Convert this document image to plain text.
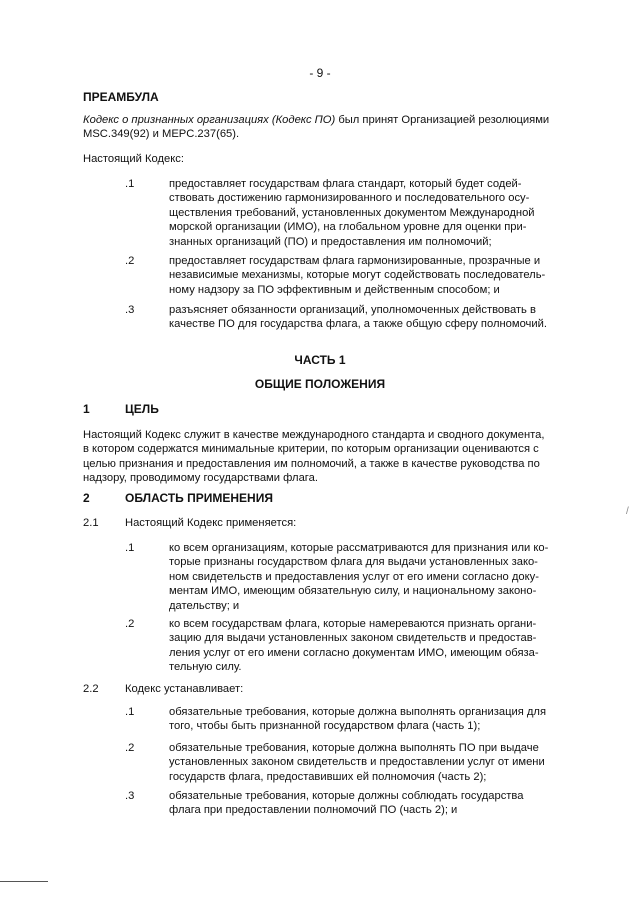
- 9 -
ПРЕАМБУЛА
Кодекс о признанных организациях (Кодекс ПО) был принят Организацией резолюциями
MSC.349(92) и MEPC.237(65).
Настоящий Кодекс:
.1	предоставляет государствам флага стандарт, который будет содей-
ствовать достижению гармонизированного и последовательного осу-
ществления требований, установленных документом Международной
морской организации (ИМО), на глобальном уровне для оценки при-
знанных организаций (ПО) и предоставления им полномочий;
.2	предоставляет государствам флага гармонизированные, прозрачные и
независимые механизмы, которые могут содействовать последователь-
ному надзору за ПО эффективным и действенным способом; и
.3	разъясняет обязанности организаций, уполномоченных действовать в
качестве ПО для государства флага, а также общую сферу полномочий.
ЧАСТЬ 1
ОБЩИЕ ПОЛОЖЕНИЯ
1	ЦЕЛЬ
Настоящий Кодекс служит в качестве международного стандарта и сводного документа,
в котором содержатся минимальные критерии, по которым организации оцениваются с
целью признания и предоставления им полномочий, а также в качестве руководства по
надзору, проводимому государствами флага.
2	ОБЛАСТЬ ПРИМЕНЕНИЯ
2.1 Настоящий Кодекс применяется:
.1	ко всем организациям, которые рассматриваются для признания или ко-
торые признаны государством флага для выдачи установленных зако-
ном свидетельств и предоставления услуг от его имени согласно доку-
ментам ИМО, имеющим обязательную силу, и национальному законо-
дательству; и
.2	ко всем государствам флага, которые намереваются признать органи-
зацию для выдачи установленных законом свидетельств и предостав-
ления услуг от его имени согласно документам ИМО, имеющим обяза-
тельную силу.
2.2 Кодекс устанавливает:
.1	обязательные требования, которые должна выполнять организация для
того, чтобы быть признанной государством флага (часть 1);
.2	обязательные требования, которые должна выполнять ПО при выдаче
установленных законом свидетельств и предоставлении услуг от имени
государств флага, предоставивших ей полномочия (часть 2);
.3	обязательные требования, которые должны соблюдать государства
флага при предоставлении полномочий ПО (часть 2); и
/
